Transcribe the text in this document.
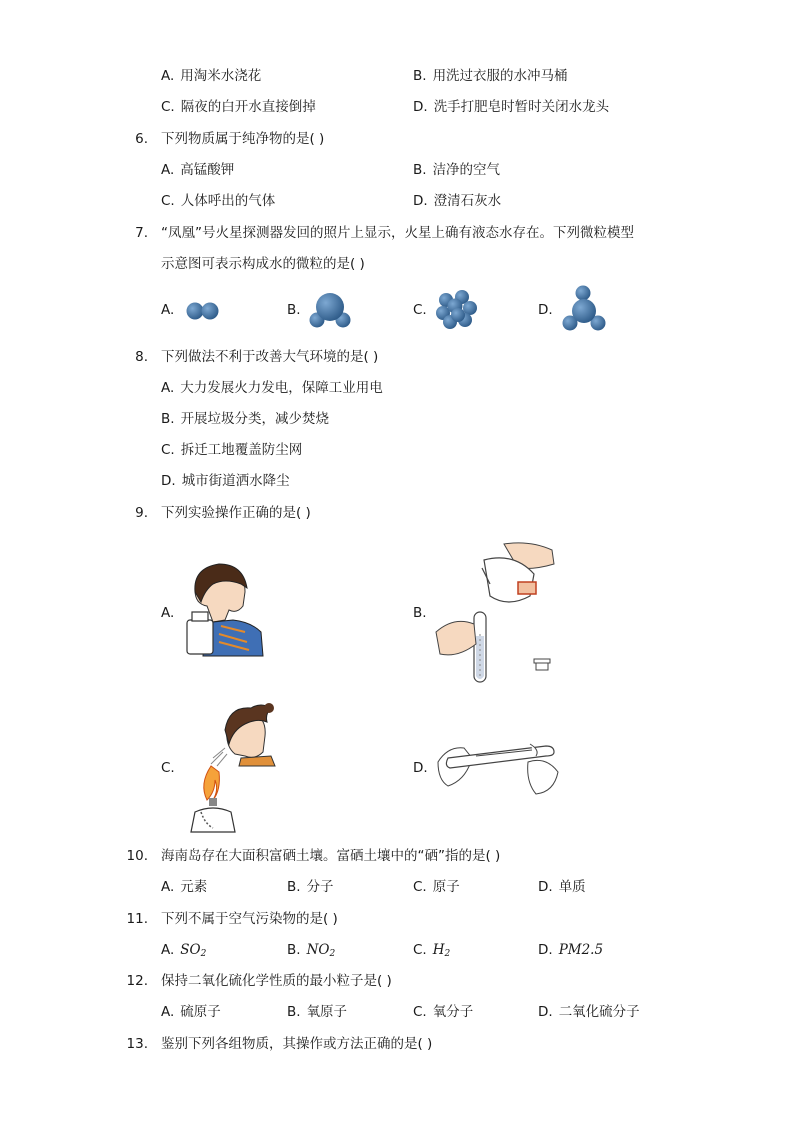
A. 用淘米水浇花	B. 用洗过衣服的水冲马桶
C. 隔夜的白开水直接倒掉	D. 洗手打肥皂时暂时关闭水龙头
6. 下列物质属于纯净物的是( )
A. 高锰酸钾	B. 洁净的空气
C. 人体呼出的气体	D. 澄清石灰水
7. “凤凰”号火星探测器发回的照片上显示，火星上确有液态水存在。下列微粒模型
示意图可表示构成水的微粒的是( )
A.	B.	C.	D.
8. 下列做法不利于改善大气环境的是( )
A. 大力发展火力发电，保障工业用电
B. 开展垃圾分类，减少焚烧
C. 拆迁工地覆盖防尘网
D. 城市街道洒水降尘
9. 下列实验操作正确的是( )
A.	B.
C.	D.
10. 海南岛存在大面积富硒土壤。富硒土壤中的“硒”指的是( )
A. 元素	B. 分子	C. 原子	D. 单质
11. 下列不属于空气污染物的是( )
A. $SO_2$	B. $NO_2$	C. $H_2$	D. PM2.5
12. 保持二氧化硫化学性质的最小粒子是( )
A. 硫原子	B. 氧原子	C. 氧分子	D. 二氧化硫分子
13. 鉴别下列各组物质，其操作或方法正确的是( )
